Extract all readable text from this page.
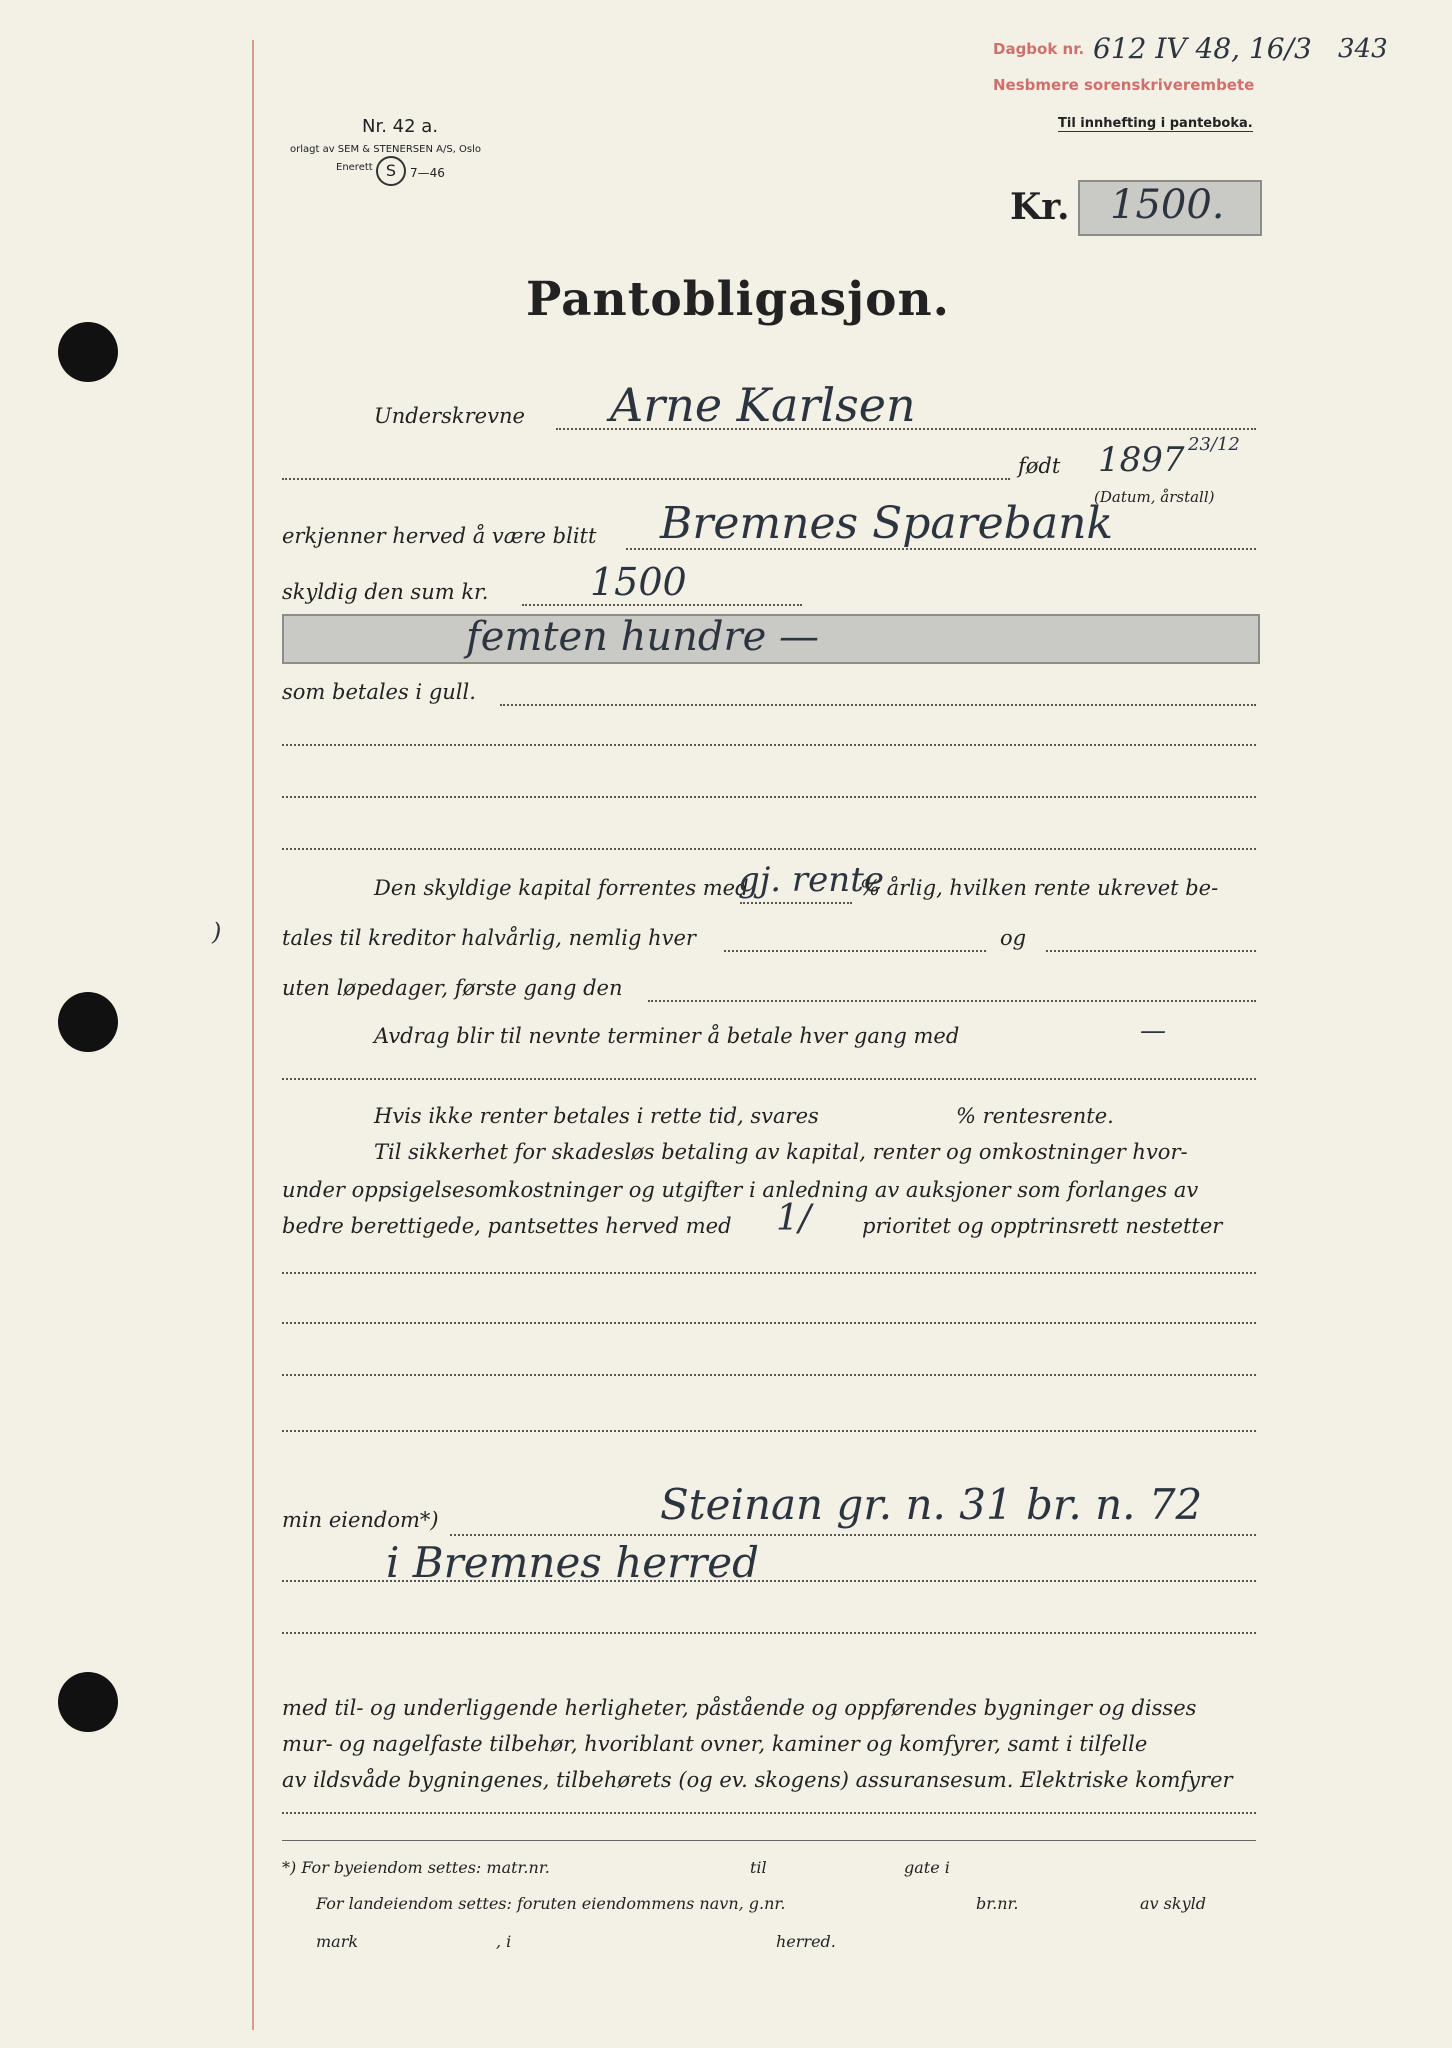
Nr. 42 a.
orlagt av SEM & STENERSEN A/S, Oslo
Enerett S	7—46
Dagbok nr. 612 IV 48, 16/3 343
Nesbmere sorenskriverembete
Til innhefting i panteboka.
Kr. 1500.
Pantobligasjon.
Underskrevne Arne Karlsen
født 1897 23/12
(Datum, årstall)
erkjenner herved å være blitt Bremnes Sparebank
skyldig den sum kr.	1500
femten hundre —
som betales i gull.
Den skyldige kapital forrentes med
gj. rente
% årlig, hvilken rente ukrevet be-
tales til kreditor halvårlig, nemlig hver	og
uten løpedager, første gang den
Avdrag blir til nevnte terminer å betale hver gang med	—
Hvis ikke renter betales i rette tid, svares	% rentesrente.
Til sikkerhet for skadesløs betaling av kapital, renter og omkostninger hvor-
under oppsigelsesomkostninger og utgifter i anledning av auksjoner som forlanges av
bedre berettigede, pantsettes herved med 1/ prioritet og opptrinsrett nestetter
min eiendom*)	Steinan gr. n. 31 br. n. 72
i Bremnes herred
med til- og underliggende herligheter, påstående og oppførendes bygninger og disses
mur- og nagelfaste tilbehør, hvoriblant ovner, kaminer og komfyrer, samt i tilfelle
av ildsvåde bygningenes, tilbehørets (og ev. skogens) assuransesum. Elektriske komfyrer
*) For byeiendom settes: matr.nr.	til	gate i
For landeiendom settes: foruten eiendommens navn, g.nr.	br.nr.	av skyld
mark	, i	herred.
)
